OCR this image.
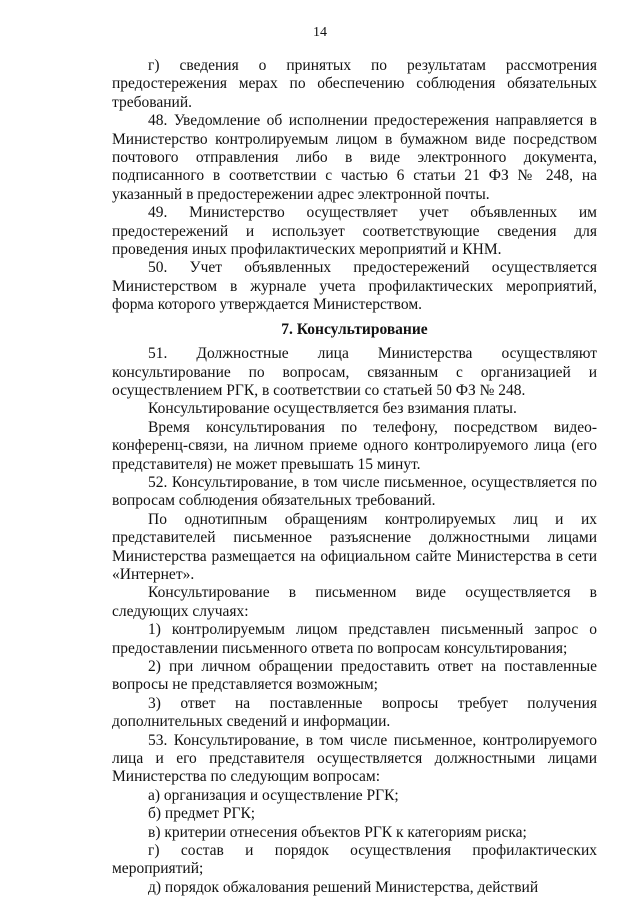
14

г) сведения о принятых по результатам рассмотрения предостережения мерах по обеспечению соблюдения обязательных требований.

48. Уведомление об исполнении предостережения направляется в Министерство контролируемым лицом в бумажном виде посредством почтового отправления либо в виде электронного документа, подписанного в соответствии с частью 6 статьи 21 ФЗ № 248, на указанный в предостережении адрес электронной почты.

49. Министерство осуществляет учет объявленных им предостережений и использует соответствующие сведения для проведения иных профилактических мероприятий и КНМ.

50. Учет объявленных предостережений осуществляется Министерством в журнале учета профилактических мероприятий, форма которого утверждается Министерством.

7. Консультирование

51. Должностные лица Министерства осуществляют консультирование по вопросам, связанным с организацией и осуществлением РГК, в соответствии со статьей 50 ФЗ № 248.

Консультирование осуществляется без взимания платы.

Время консультирования по телефону, посредством видео-конференц-связи, на личном приеме одного контролируемого лица (его представителя) не может превышать 15 минут.

52. Консультирование, в том числе письменное, осуществляется по вопросам соблюдения обязательных требований.

По однотипным обращениям контролируемых лиц и их представителей письменное разъяснение должностными лицами Министерства размещается на официальном сайте Министерства в сети «Интернет».

Консультирование в письменном виде осуществляется в следующих случаях:

1) контролируемым лицом представлен письменный запрос о предоставлении письменного ответа по вопросам консультирования;

2) при личном обращении предоставить ответ на поставленные вопросы не представляется возможным;

3) ответ на поставленные вопросы требует получения дополнительных сведений и информации.

53. Консультирование, в том числе письменное, контролируемого лица и его представителя осуществляется должностными лицами Министерства по следующим вопросам:

а) организация и осуществление РГК;

б) предмет РГК;

в) критерии отнесения объектов РГК к категориям риска;

г) состав и порядок осуществления профилактических мероприятий;

д) порядок обжалования решений Министерства, действий
